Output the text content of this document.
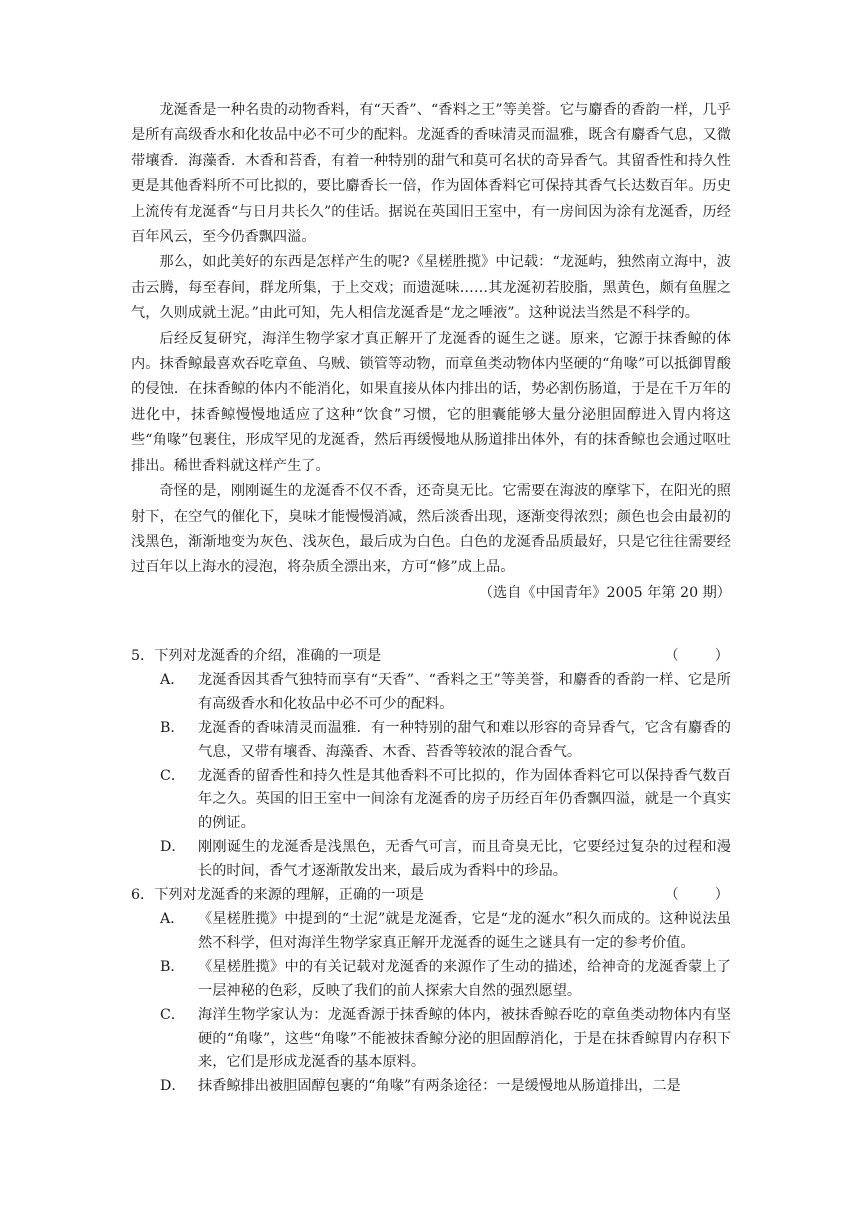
龙涎香是一种名贵的动物香料，有“天香”、“香料之王”等美誉。它与麝香的香韵一样，几乎是所有高级香水和化妆品中必不可少的配料。龙涎香的香味清灵而温雅，既含有麝香气息，又微带壤香．海藻香．木香和苔香，有着一种特别的甜气和莫可名状的奇异香气。其留香性和持久性更是其他香料所不可比拟的，要比麝香长一倍，作为固体香料它可保持其香气长达数百年。历史上流传有龙涎香“与日月共长久”的佳话。据说在英国旧王室中，有一房间因为涂有龙涎香，历经百年风云，至今仍香飘四溢。

那么，如此美好的东西是怎样产生的呢?《星槎胜揽》中记载：“龙涎屿，独然南立海中，波击云腾，每至春间，群龙所集，于上交戏；而遗涎味……其龙涎初若胶脂，黑黄色，颇有鱼腥之气，久则成就土泥。”由此可知，先人相信龙涎香是“龙之唾液”。这种说法当然是不科学的。

后经反复研究，海洋生物学家才真正解开了龙涎香的诞生之谜。原来，它源于抹香鲸的体内。抹香鲸最喜欢吞吃章鱼、乌贼、锁管等动物，而章鱼类动物体内坚硬的“角喙”可以抵御胃酸的侵蚀．在抹香鲸的体内不能消化，如果直接从体内排出的话，势必割伤肠道，于是在千万年的进化中，抹香鲸慢慢地适应了这种“饮食”习惯，它的胆囊能够大量分泌胆固醇进入胃内将这些“角喙”包裹住，形成罕见的龙涎香，然后再缓慢地从肠道排出体外，有的抹香鲸也会通过呕吐排出。稀世香料就这样产生了。

奇怪的是，刚刚诞生的龙涎香不仅不香，还奇臭无比。它需要在海波的摩挲下，在阳光的照射下，在空气的催化下，臭味才能慢慢消减，然后淡香出现，逐渐变得浓烈；颜色也会由最初的浅黑色，渐渐地变为灰色、浅灰色，最后成为白色。白色的龙涎香品质最好，只是它往往需要经过百年以上海水的浸泡，将杂质全漂出来，方可“修”成上品。

（选自《中国青年》2005 年第 20 期）

5．下列对龙涎香的介绍，准确的一项是	（        ）
A． 龙涎香因其香气独特而享有“天香”、“香料之王”等美誉，和麝香的香韵一样、它是所有高级香水和化妆品中必不可少的配料。
B． 龙涎香的香味清灵而温雅．有一种特别的甜气和难以形容的奇异香气，它含有麝香的气息，又带有壤香、海藻香、木香、苔香等较浓的混合香气。
C． 龙涎香的留香性和持久性是其他香料不可比拟的，作为固体香料它可以保持香气数百年之久。英国的旧王室中一间涂有龙涎香的房子历经百年仍香飘四溢，就是一个真实的例证。
D． 刚刚诞生的龙涎香是浅黑色，无香气可言，而且奇臭无比，它要经过复杂的过程和漫长的时间，香气才逐渐散发出来，最后成为香料中的珍品。
6．下列对龙涎香的来源的理解，正确的一项是	（        ）
A． 《星槎胜揽》中提到的“土泥”就是龙涎香，它是“龙的涎水”积久而成的。这种说法虽然不科学，但对海洋生物学家真正解开龙涎香的诞生之谜具有一定的参考价值。
B． 《星槎胜揽》中的有关记载对龙涎香的来源作了生动的描述，给神奇的龙涎香蒙上了一层神秘的色彩，反映了我们的前人探索大自然的强烈愿望。
C． 海洋生物学家认为：龙涎香源于抹香鲸的体内，被抹香鲸吞吃的章鱼类动物体内有坚硬的“角喙”，这些“角喙”不能被抹香鲸分泌的胆固醇消化，于是在抹香鲸胃内存积下来，它们是形成龙涎香的基本原料。
D． 抹香鲸排出被胆固醇包裹的“角喙”有两条途径：一是缓慢地从肠道排出，二是
